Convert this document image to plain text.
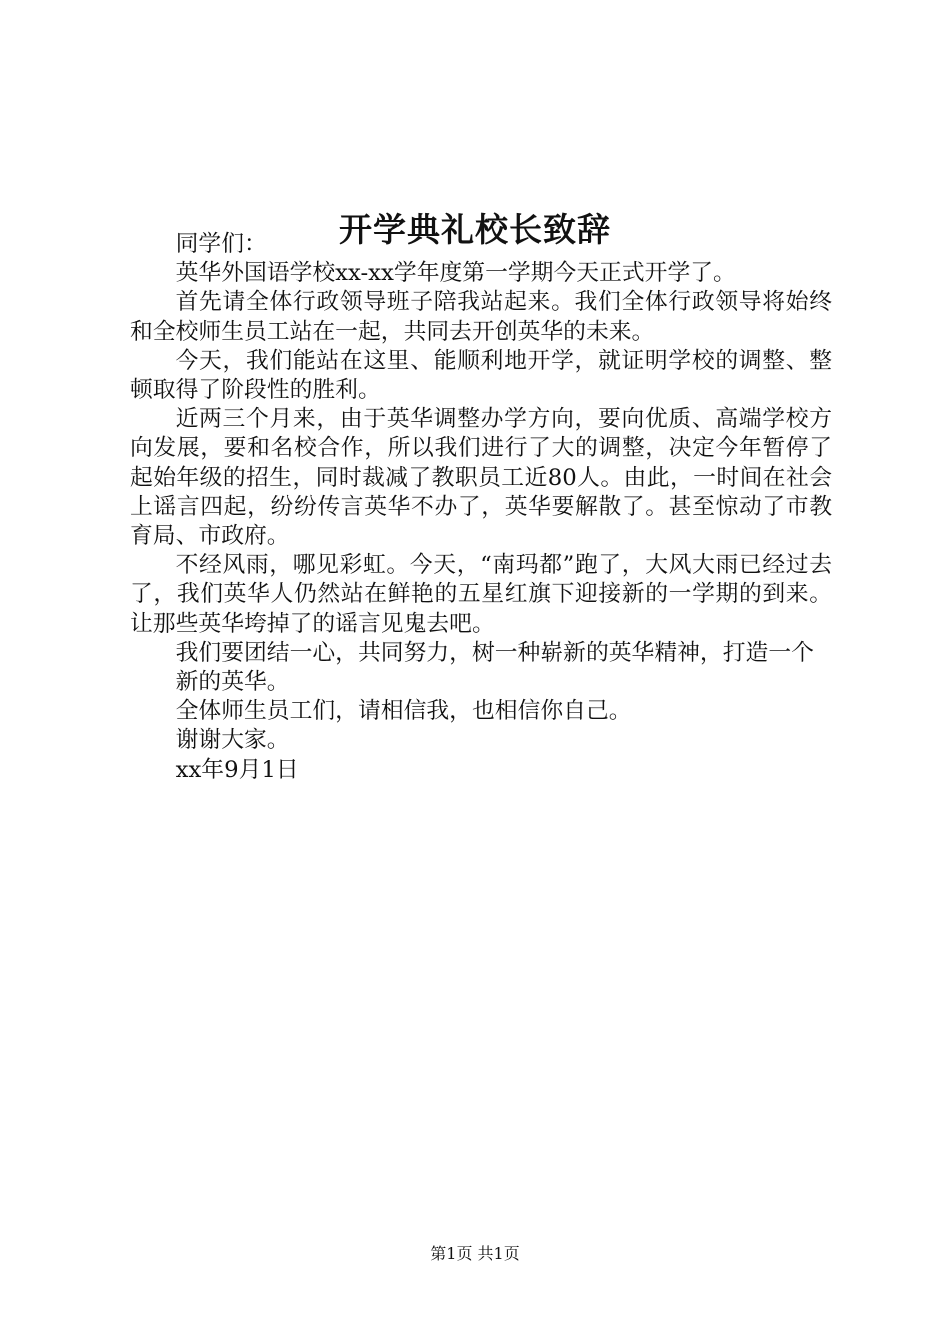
开学典礼校长致辞

同学们：

英华外国语学校xx-xx学年度第一学期今天正式开学了。

首先请全体行政领导班子陪我站起来。我们全体行政领导将始终和全校师生员工站在一起，共同去开创英华的未来。

今天，我们能站在这里、能顺利地开学，就证明学校的调整、整顿取得了阶段性的胜利。

近两三个月来，由于英华调整办学方向，要向优质、高端学校方向发展，要和名校合作，所以我们进行了大的调整，决定今年暂停了起始年级的招生，同时裁减了教职员工近80人。由此，一时间在社会上谣言四起，纷纷传言英华不办了，英华要解散了。甚至惊动了市教育局、市政府。

不经风雨，哪见彩虹。今天，“南玛都”跑了，大风大雨已经过去了，我们英华人仍然站在鲜艳的五星红旗下迎接新的一学期的到来。让那些英华垮掉了的谣言见鬼去吧。

我们要团结一心，共同努力，树一种崭新的英华精神，打造一个

新的英华。

全体师生员工们，请相信我，也相信你自己。

谢谢大家。

xx年9月1日

第1页 共1页
